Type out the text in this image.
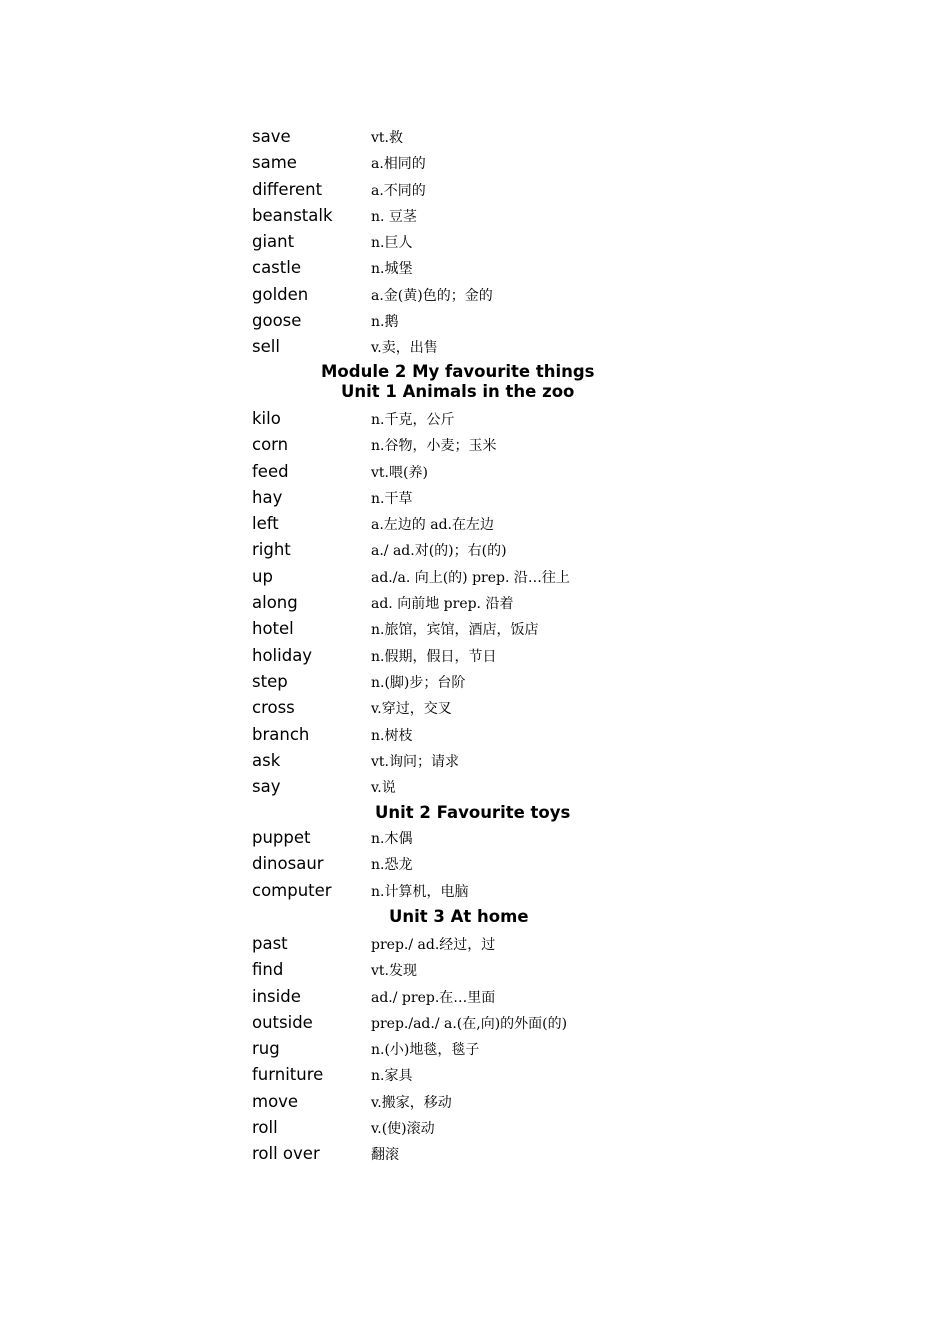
save	vt.救
same	a.相同的
different	a.不同的
beanstalk	n. 豆茎
giant	n.巨人
castle	n.城堡
golden	a.金(黄)色的；金的
goose	n.鹅
sell	v.卖，出售
Module 2 My favourite things
Unit 1 Animals in the zoo
kilo	n.千克，公斤
corn	n.谷物，小麦；玉米
feed	vt.喂(养)
hay	n.干草
left	a.左边的 ad.在左边
right	a./ ad.对(的)；右(的)
up	ad./a. 向上(的) prep. 沿…往上
along	ad. 向前地 prep. 沿着
hotel	n.旅馆，宾馆，酒店，饭店
holiday	n.假期，假日，节日
step	n.(脚)步；台阶
cross	v.穿过，交叉
branch	n.树枝
ask	vt.询问；请求
say	v.说
Unit 2 Favourite toys
puppet	n.木偶
dinosaur	n.恐龙
computer	n.计算机，电脑
Unit 3 At home
past	prep./ ad.经过，过
find	vt.发现
inside	ad./ prep.在…里面
outside	prep./ad./ a.(在,向)的外面(的)
rug	n.(小)地毯，毯子
furniture	n.家具
move	v.搬家，移动
roll	v.(使)滚动
roll over	翻滚
